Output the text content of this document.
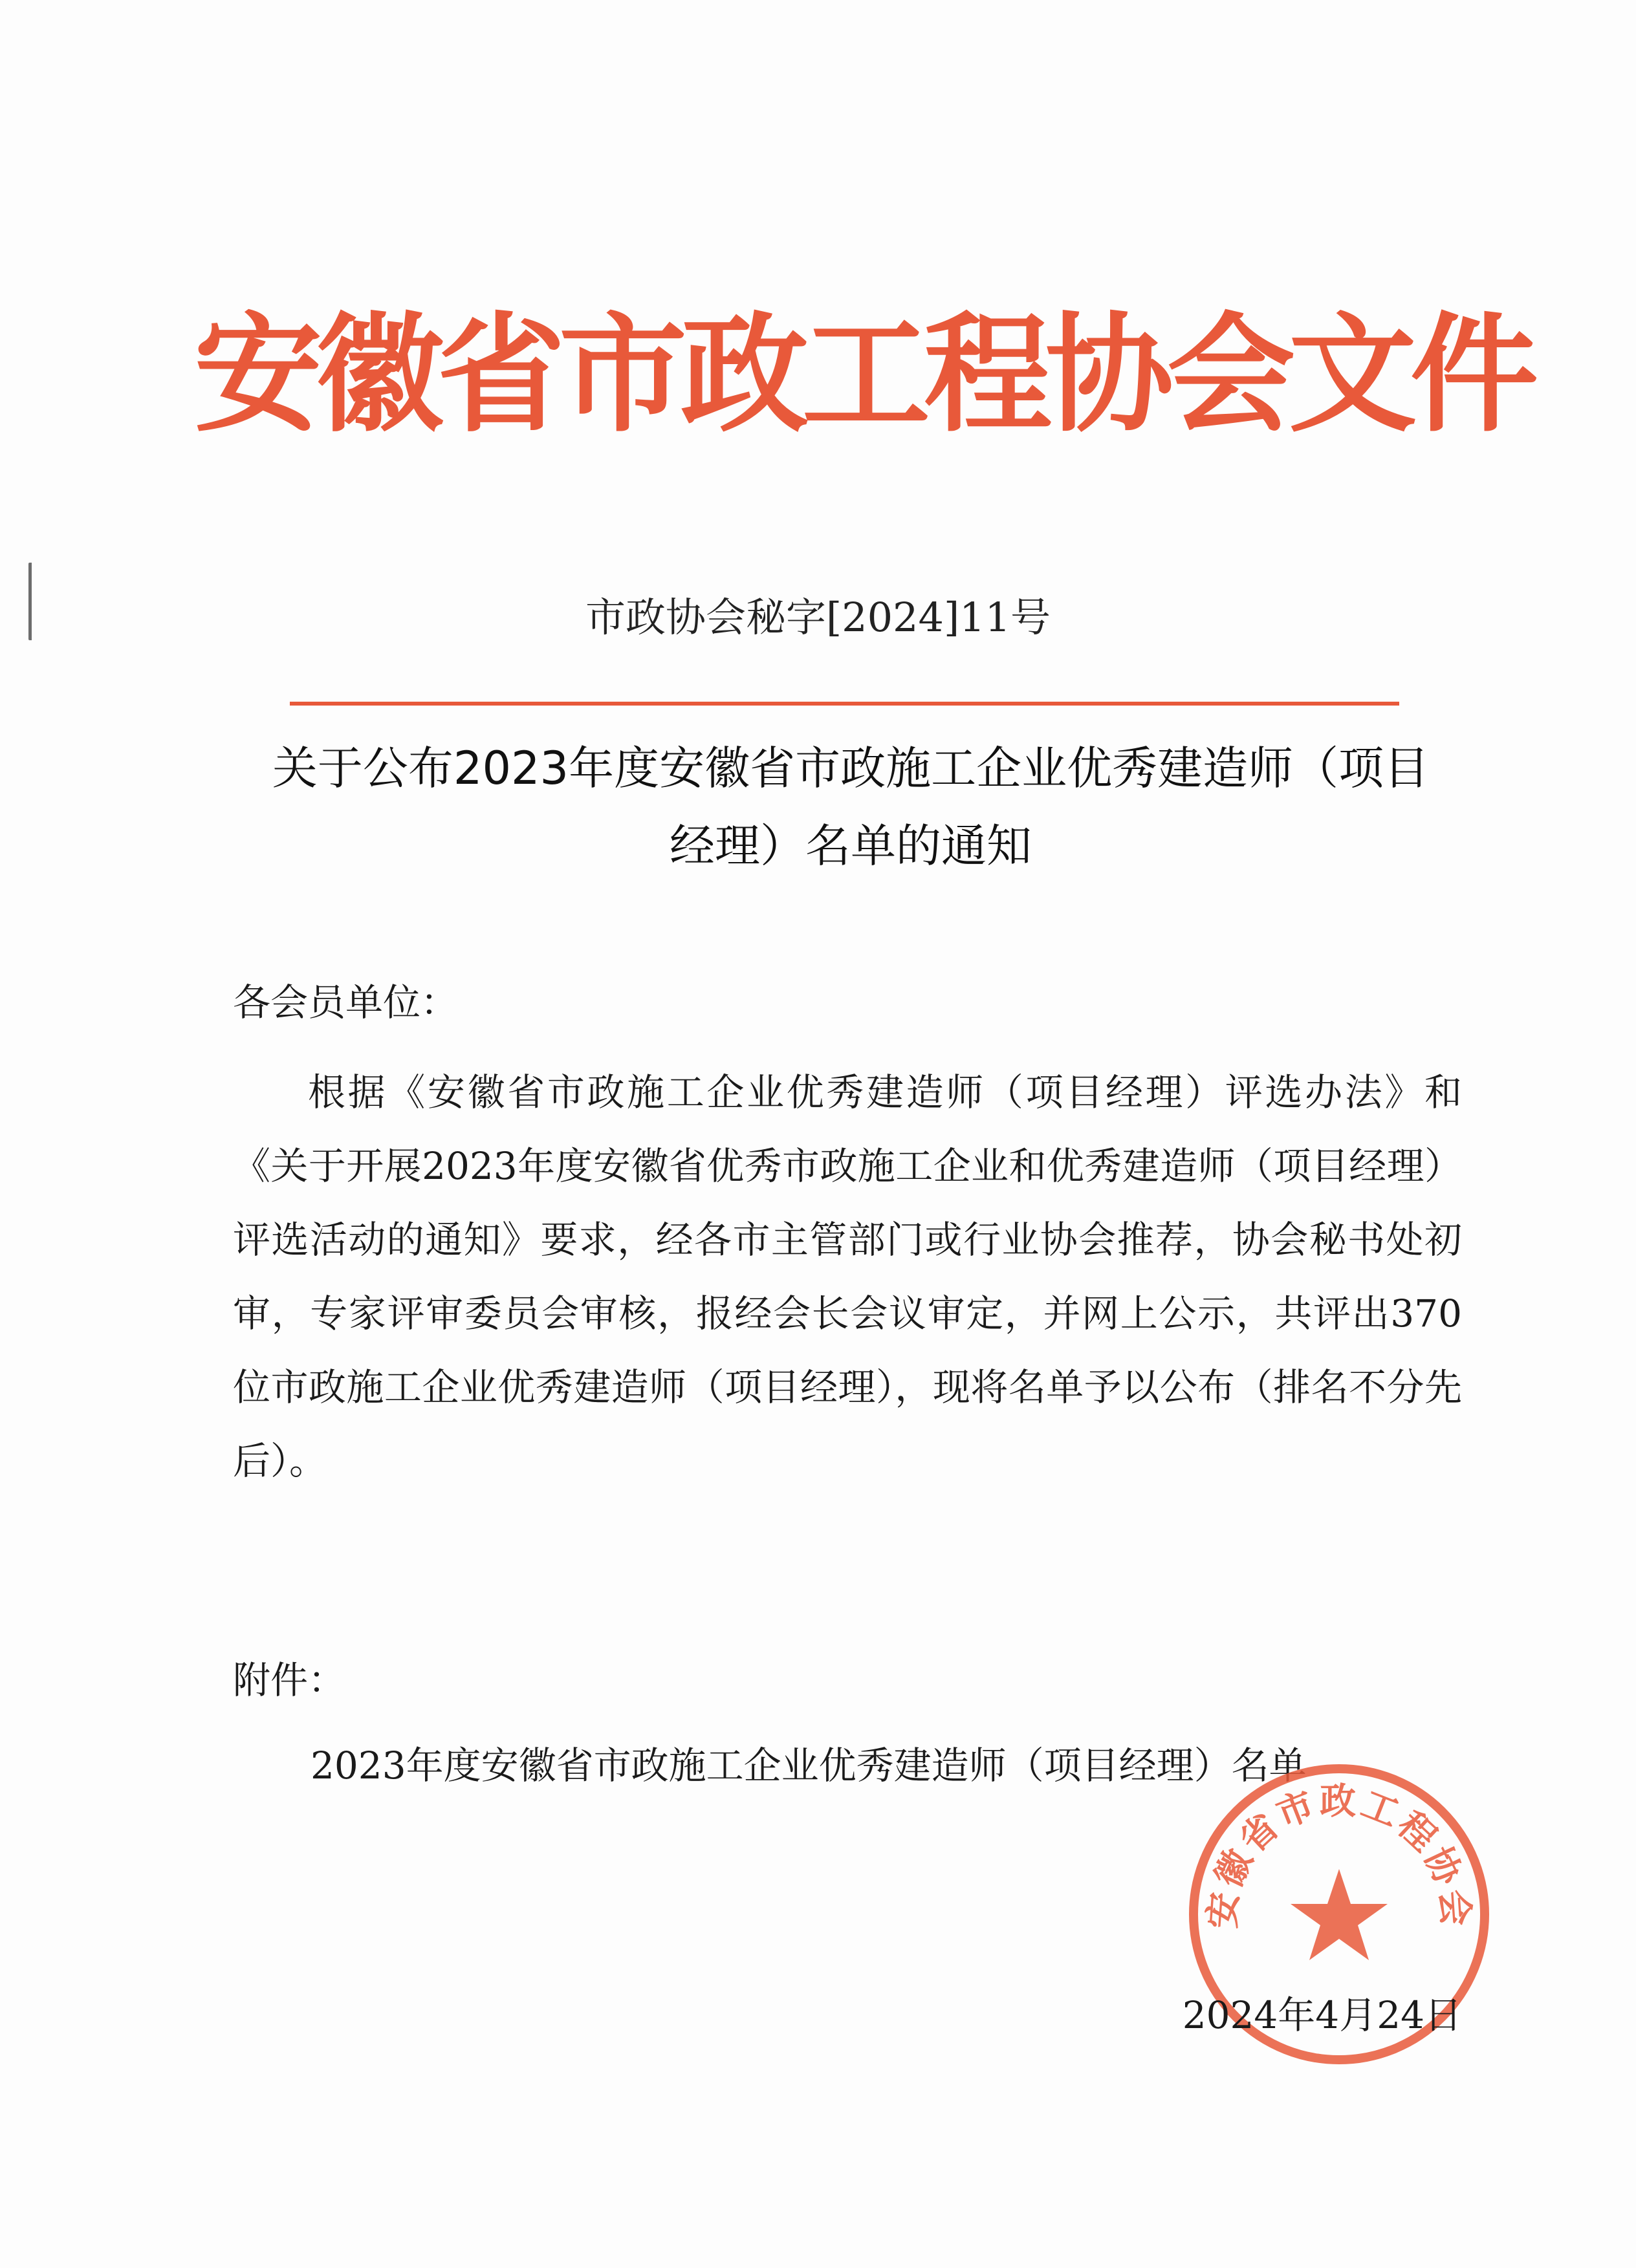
安徽省市政工程协会文件
市政协会秘字[2024]11号
关于公布2023年度安徽省市政施工企业优秀建造师（项目经理）名单的通知
各会员单位：

根据《安徽省市政施工企业优秀建造师（项目经理）评选办法》和《关于开展2023年度安徽省优秀市政施工企业和优秀建造师（项目经理）评选活动的通知》要求，经各市主管部门或行业协会推荐，协会秘书处初审，专家评审委员会审核，报经会长会议审定，并网上公示，共评出370位市政施工企业优秀建造师（项目经理），现将名单予以公布（排名不分先后）。

附件：
2023年度安徽省市政施工企业优秀建造师（项目经理）名单
安徽省市政工程协会
2024年4月24日
